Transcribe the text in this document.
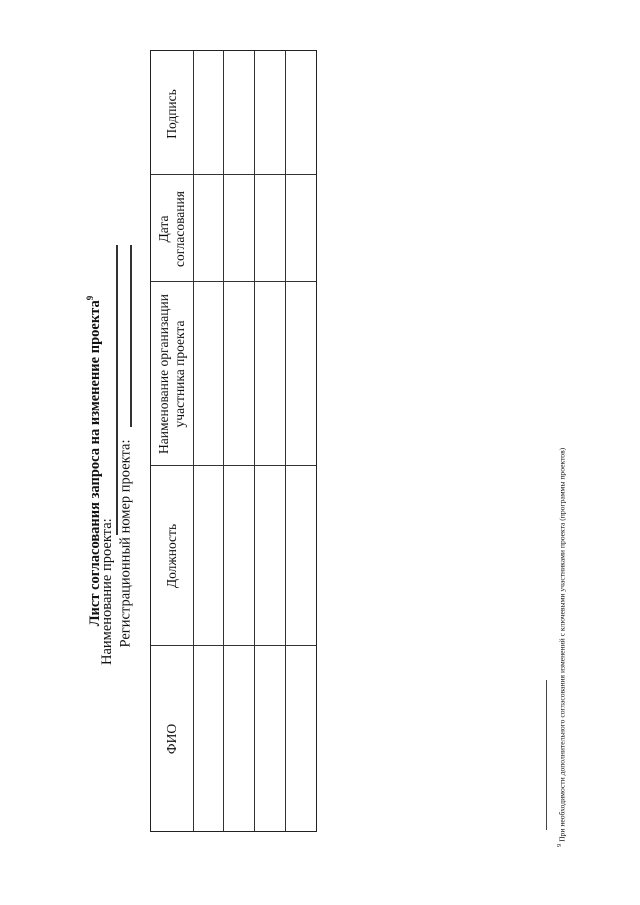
Лист согласования запроса на изменение проекта$^9$
Наименование проекта: Регистрационный номер проекта:
ФИО
Должность
Наименование организации
участника проекта
Дата
согласования
Подпись
$^9$ При необходимости дополнительного согласования изменений с ключевыми участниками проекта (программы проектов)
